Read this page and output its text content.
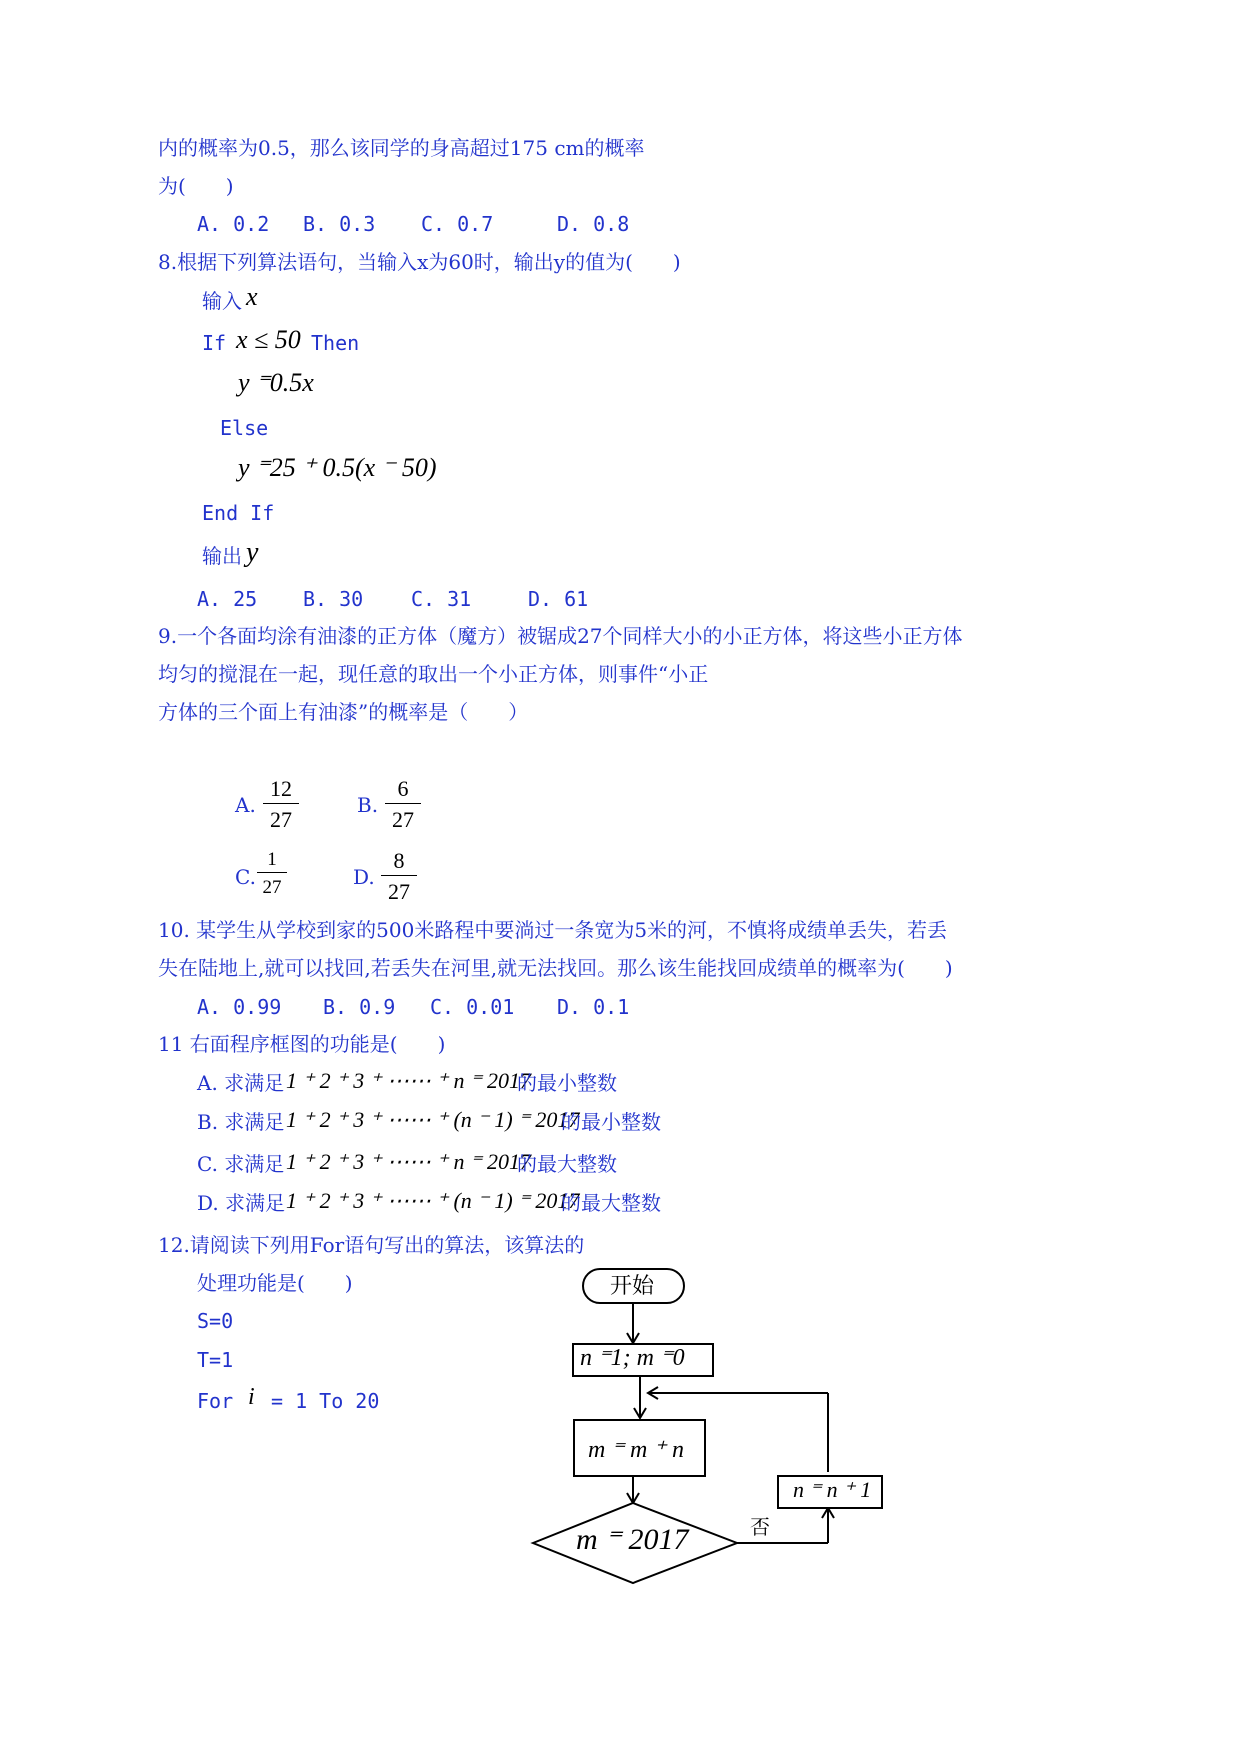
内的概率为0.5，那么该同学的身高超过175 cm的概率
为(　　)
A. 0.2 B. 0.3 C. 0.7	D. 0.8
8.根据下列算法语句，当输入x为60时，输出y的值为(　　)
输入 x
If x ≤ 50 Then
y ⁼0.5x
Else
y ⁼25 ⁺ 0.5(x ⁻ 50)
End If
输出 y
A. 25 B. 30 C. 31	D. 61
9.一个各面均涂有油漆的正方体（魔方）被锯成27个同样大小的小正方体，将这些小正方体
均匀的搅混在一起，现任意的取出一个小正方体，则事件“小正
方体的三个面上有油漆”的概率是（　　）
A. $\frac{12}{27}$	B. $\frac{6}{27}$
C. $\frac{1}{27}$	D. $\frac{8}{27}$
10. 某学生从学校到家的500米路程中要淌过一条宽为5米的河，不慎将成绩单丢失，若丢
失在陆地上,就可以找回,若丢失在河里,就无法找回。那么该生能找回成绩单的概率为(　　)
A. 0.99 B. 0.9 C. 0.01 D. 0.1
11 右面程序框图的功能是(　　)
A. 求满足 1 ⁺ 2 ⁺ 3 ⁺ ⋯⋯ ⁺ n ⁼ 2017
的最小整数
B. 求满足 1 ⁺ 2 ⁺ 3 ⁺ ⋯⋯ ⁺ (n ⁻ 1) ⁼ 2017
的最小整数
C. 求满足 1 ⁺ 2 ⁺ 3 ⁺ ⋯⋯ ⁺ n ⁼ 2017
的最大整数
D. 求满足 1 ⁺ 2 ⁺ 3 ⁺ ⋯⋯ ⁺ (n ⁻ 1) ⁼ 2017
的最大整数
12.请阅读下列用For语句写出的算法，该算法的
处理功能是(　　)
S=0
T=1
For i = 1 To 20
开始
n ⁼1; m ⁼0
m ⁼ m ⁺ n
n ⁼ n ⁺ 1
m ⁼ 2017	否
